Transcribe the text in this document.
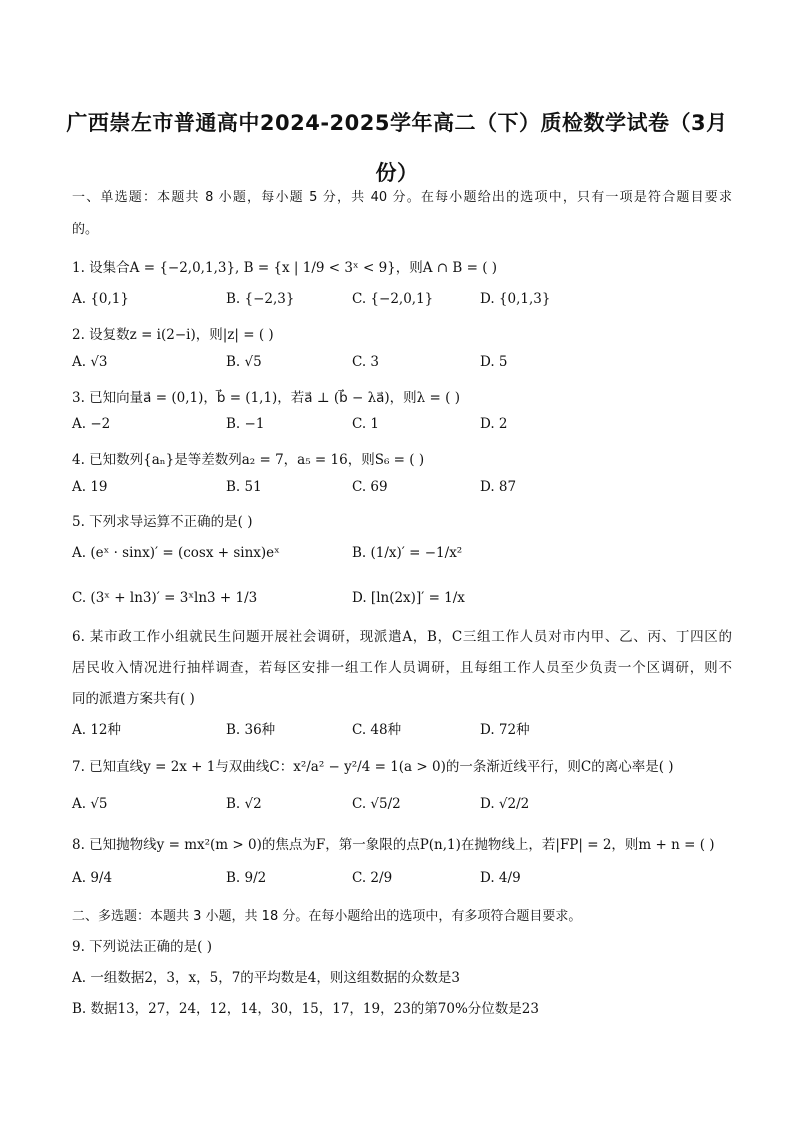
广西崇左市普通高中2024-2025学年高二（下）质检数学试卷（3月
份）
一、单选题：本题共 8 小题，每小题 5 分，共 40 分。在每小题给出的选项中，只有一项是符合题目要求
的。
1. 设集合A = {−2,0,1,3}, B = {x | 1/9 < 3ˣ < 9}，则A ∩ B = ( )
A. {0,1}	B. {−2,3}	C. {−2,0,1}	D. {0,1,3}
2. 设复数z = i(2−i)，则|z| = ( )
A. √3	B. √5	C. 3	D. 5
3. 已知向量a⃗ = (0,1)，b⃗ = (1,1)，若a⃗ ⊥ (b⃗ − λa⃗)，则λ = ( )
A. −2	B. −1	C. 1	D. 2
4. 已知数列{aₙ}是等差数列a₂ = 7，a₅ = 16，则S₆ = ( )
A. 19	B. 51	C. 69	D. 87
5. 下列求导运算不正确的是( )
A. (eˣ · sinx)′ = (cosx + sinx)eˣ	B. (1/x)′ = −1/x²
C. (3ˣ + ln3)′ = 3ˣln3 + 1/3	D. [ln(2x)]′ = 1/x
6. 某市政工作小组就民生问题开展社会调研，现派遣A，B，C三组工作人员对市内甲、乙、丙、丁四区的
居民收入情况进行抽样调查，若每区安排一组工作人员调研，且每组工作人员至少负责一个区调研，则不
同的派遣方案共有( )
A. 12种	B. 36种	C. 48种	D. 72种
7. 已知直线y = 2x + 1与双曲线C：x²/a² − y²/4 = 1(a > 0)的一条渐近线平行，则C的离心率是( )
A. √5	B. √2	C. √5/2	D. √2/2
8. 已知抛物线y = mx²(m > 0)的焦点为F，第一象限的点P(n,1)在抛物线上，若|FP| = 2，则m + n = ( )
A. 9/4	B. 9/2	C. 2/9	D. 4/9
二、多选题：本题共 3 小题，共 18 分。在每小题给出的选项中，有多项符合题目要求。
9. 下列说法正确的是( )
A. 一组数据2，3，x，5，7的平均数是4，则这组数据的众数是3
B. 数据13，27，24，12，14，30，15，17，19，23的第70%分位数是23
